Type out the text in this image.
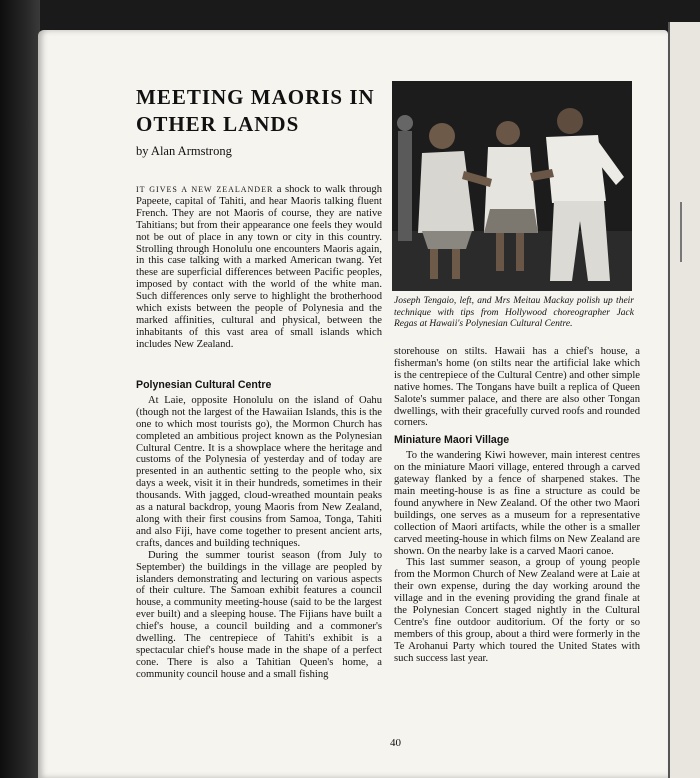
MEETING MAORIS IN OTHER LANDS
by Alan Armstrong
Joseph Tengaio, left, and Mrs Meitau Mackay polish up their technique with tips from Hollywood choreographer Jack Regas at Hawaii's Polynesian Cultural Centre.

IT GIVES A NEW ZEALANDER a shock to walk through Papeete, capital of Tahiti, and hear Maoris talking fluent French. They are not Maoris of course, they are native Tahitians; but from their appearance one feels they would not be out of place in any town or city in this country. Strolling through Honolulu one encounters Maoris again, in this case talking with a marked American twang. Yet these are superficial differences between Pacific peoples, imposed by contact with the world of the white man. Such differences only serve to highlight the brotherhood which exists between the people of Polynesia and the marked affinities, cultural and physical, between the inhabitants of this vast area of small islands which includes New Zealand.

Polynesian Cultural Centre

At Laie, opposite Honolulu on the island of Oahu (though not the largest of the Hawaiian Islands, this is the one to which most tourists go), the Mormon Church has completed an ambitious project known as the Polynesian Cultural Centre. It is a showplace where the heritage and customs of the Polynesia of yesterday and of today are presented in an authentic setting to the people who, six days a week, visit it in their hundreds, sometimes in their thousands. With jagged, cloud-wreathed mountain peaks as a natural backdrop, young Maoris from New Zealand, along with their first cousins from Samoa, Tonga, Tahiti and also Fiji, have come together to present ancient arts, crafts, dances and building techniques.

During the summer tourist season (from July to September) the buildings in the village are peopled by islanders demonstrating and lecturing on various aspects of their culture. The Samoan exhibit features a council house, a community meeting-house (said to be the largest ever built) and a sleeping house. The Fijians have built a chief's house, a council building and a commoner's dwelling. The centrepiece of Tahiti's exhibit is a spectacular chief's house made in the shape of a perfect cone. There is also a Tahitian Queen's home, a community council house and a small fishing

storehouse on stilts. Hawaii has a chief's house, a fisherman's home (on stilts near the artificial lake which is the centrepiece of the Cultural Centre) and other simple native homes. The Tongans have built a replica of Queen Salote's summer palace, and there are also other Tongan dwellings, with their gracefully curved roofs and rounded corners.

Miniature Maori Village

To the wandering Kiwi however, main interest centres on the miniature Maori village, entered through a carved gateway flanked by a fence of sharpened stakes. The main meeting-house is as fine a structure as could be found anywhere in New Zealand. Of the other two Maori buildings, one serves as a museum for a representative collection of Maori artifacts, while the other is a smaller carved meeting-house in which films on New Zealand are shown. On the nearby lake is a carved Maori canoe.

This last summer season, a group of young people from the Mormon Church of New Zealand were at Laie at their own expense, during the day working around the village and in the evening providing the grand finale at the Polynesian Concert staged nightly in the Cultural Centre's fine outdoor auditorium. Of the forty or so members of this group, about a third were formerly in the Te Arohanui Party which toured the United States with such success last year.

40
